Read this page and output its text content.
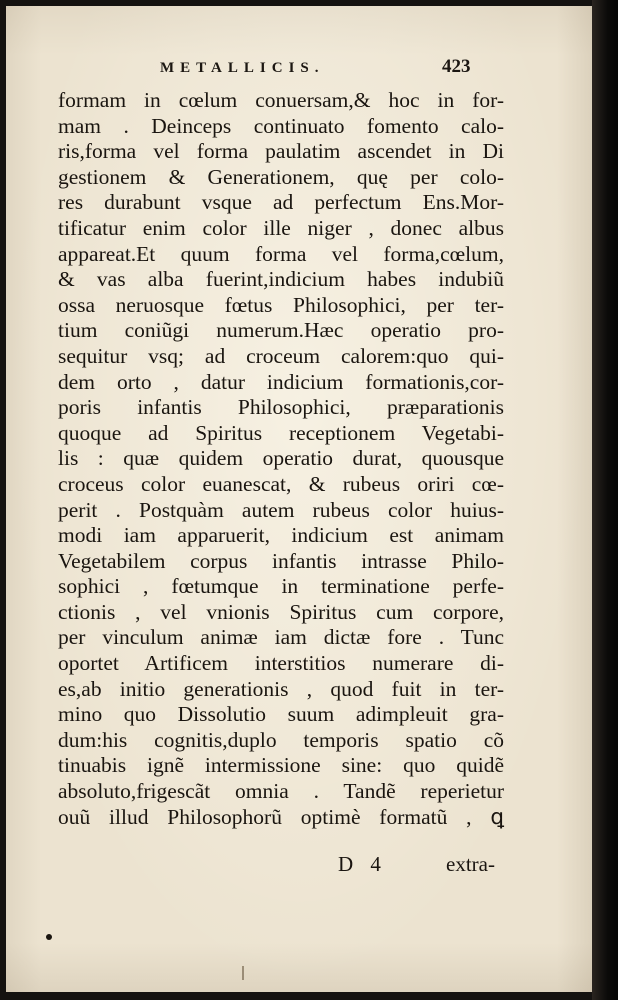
METALLICIS.	423
formam in cœlum conuersam,& hoc in for-
mam . Deinceps continuato fomento calo-
ris,forma vel forma paulatim ascendet in Di
gestionem & Generationem, quę per colo-
res durabunt vsque ad perfectum Ens.Mor-
tificatur enim color ille niger , donec albus
appareat.Et quum forma vel forma,cœlum,
& vas alba fuerint,indicium habes indubiũ
ossa neruosque fœtus Philosophici, per ter-
tium coniũgi numerum.Hæc operatio pro-
sequitur vsq; ad croceum calorem:quo qui-
dem orto , datur indicium formationis,cor-
poris infantis Philosophici, præparationis
quoque ad Spiritus receptionem Vegetabi-
lis : quæ quidem operatio durat, quousque
croceus color euanescat, & rubeus oriri cœ-
perit . Postquàm autem rubeus color huius-
modi iam apparuerit, indicium est animam
Vegetabilem corpus infantis intrasse Philo-
sophici , fœtumque in terminatione perfe-
ctionis , vel vnionis Spiritus cum corpore,
per vinculum animæ iam dictæ fore . Tunc
oportet Artificem interstitios numerare di-
es,ab initio generationis , quod fuit in ter-
mino quo Dissolutio suum adimpleuit gra-
dum:his cognitis,duplo temporis spatio cõ
tinuabis ignẽ intermissione sine: quo quidẽ
absoluto,frigescãt omnia . Tandẽ reperietur
ouũ illud Philosophorũ optimè formatũ , ꝗ
D 4	extra-
